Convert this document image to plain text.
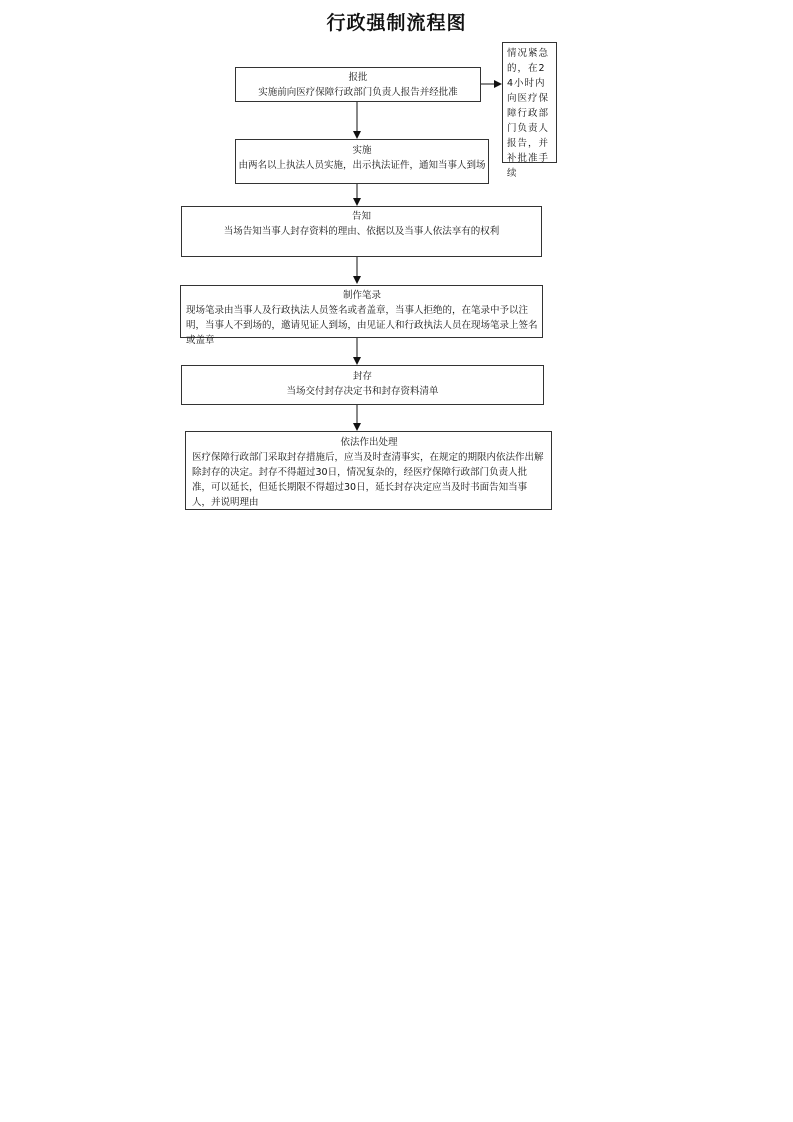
行政强制流程图
报批
实施前向医疗保障行政部门负责人报告并经批准
情况紧急的，在24小时内向医疗保障行政部门负责人报告，并补批准手续
实施
由两名以上执法人员实施，出示执法证件，通知当事人到场
告知
当场告知当事人封存资料的理由、依据以及当事人依法享有的权利
制作笔录
现场笔录由当事人及行政执法人员签名或者盖章，当事人拒绝的，在笔录中予以注明，当事人不到场的，邀请见证人到场，由见证人和行政执法人员在现场笔录上签名或盖章
封存
当场交付封存决定书和封存资料清单
依法作出处理
医疗保障行政部门采取封存措施后，应当及时查清事实，在规定的期限内依法作出解除封存的决定。封存不得超过30日，情况复杂的，经医疗保障行政部门负责人批准，可以延长，但延长期限不得超过30日，延长封存决定应当及时书面告知当事人，并说明理由
